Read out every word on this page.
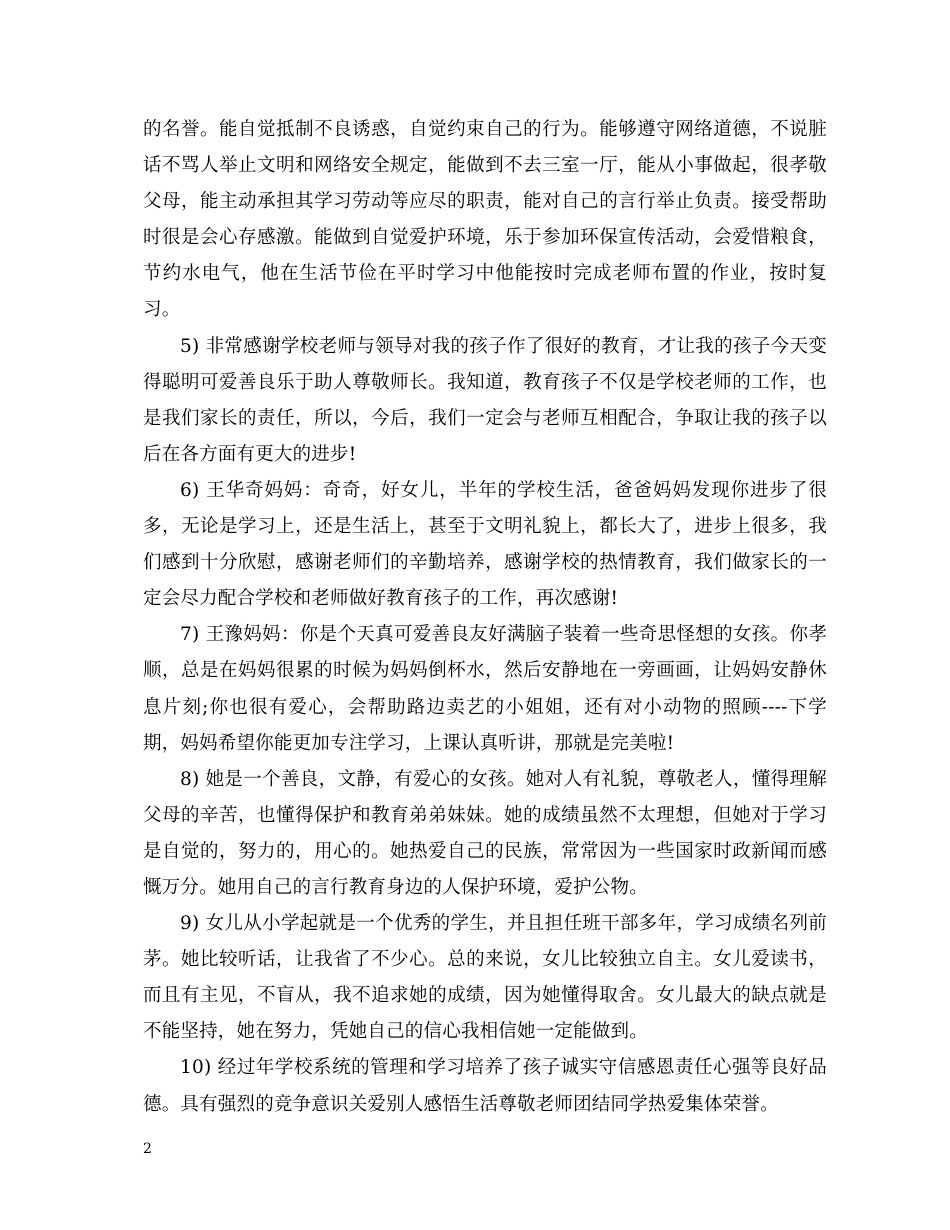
的名誉。能自觉抵制不良诱惑，自觉约束自己的行为。能够遵守网络道德，不说脏话不骂人举止文明和网络安全规定，能做到不去三室一厅，能从小事做起，很孝敬父母，能主动承担其学习劳动等应尽的职责，能对自己的言行举止负责。接受帮助时很是会心存感激。能做到自觉爱护环境，乐于参加环保宣传活动，会爱惜粮食，节约水电气，他在生活节俭在平时学习中他能按时完成老师布置的作业，按时复习。

5) 非常感谢学校老师与领导对我的孩子作了很好的教育，才让我的孩子今天变得聪明可爱善良乐于助人尊敬师长。我知道，教育孩子不仅是学校老师的工作，也是我们家长的责任，所以，今后，我们一定会与老师互相配合，争取让我的孩子以后在各方面有更大的进步!

6) 王华奇妈妈：奇奇，好女儿，半年的学校生活，爸爸妈妈发现你进步了很多，无论是学习上，还是生活上，甚至于文明礼貌上，都长大了，进步上很多，我们感到十分欣慰，感谢老师们的辛勤培养，感谢学校的热情教育，我们做家长的一定会尽力配合学校和老师做好教育孩子的工作，再次感谢!

7) 王豫妈妈：你是个天真可爱善良友好满脑子装着一些奇思怪想的女孩。你孝顺，总是在妈妈很累的时候为妈妈倒杯水，然后安静地在一旁画画，让妈妈安静休息片刻;你也很有爱心，会帮助路边卖艺的小姐姐，还有对小动物的照顾----下学期，妈妈希望你能更加专注学习，上课认真听讲，那就是完美啦!

8) 她是一个善良，文静，有爱心的女孩。她对人有礼貌，尊敬老人，懂得理解父母的辛苦，也懂得保护和教育弟弟妹妹。她的成绩虽然不太理想，但她对于学习是自觉的，努力的，用心的。她热爱自己的民族，常常因为一些国家时政新闻而感慨万分。她用自己的言行教育身边的人保护环境，爱护公物。

9) 女儿从小学起就是一个优秀的学生，并且担任班干部多年，学习成绩名列前茅。她比较听话，让我省了不少心。总的来说，女儿比较独立自主。女儿爱读书，而且有主见，不盲从，我不追求她的成绩，因为她懂得取舍。女儿最大的缺点就是不能坚持，她在努力，凭她自己的信心我相信她一定能做到。

10) 经过年学校系统的管理和学习培养了孩子诚实守信感恩责任心强等良好品德。具有强烈的竞争意识关爱别人感悟生活尊敬老师团结同学热爱集体荣誉。

2
